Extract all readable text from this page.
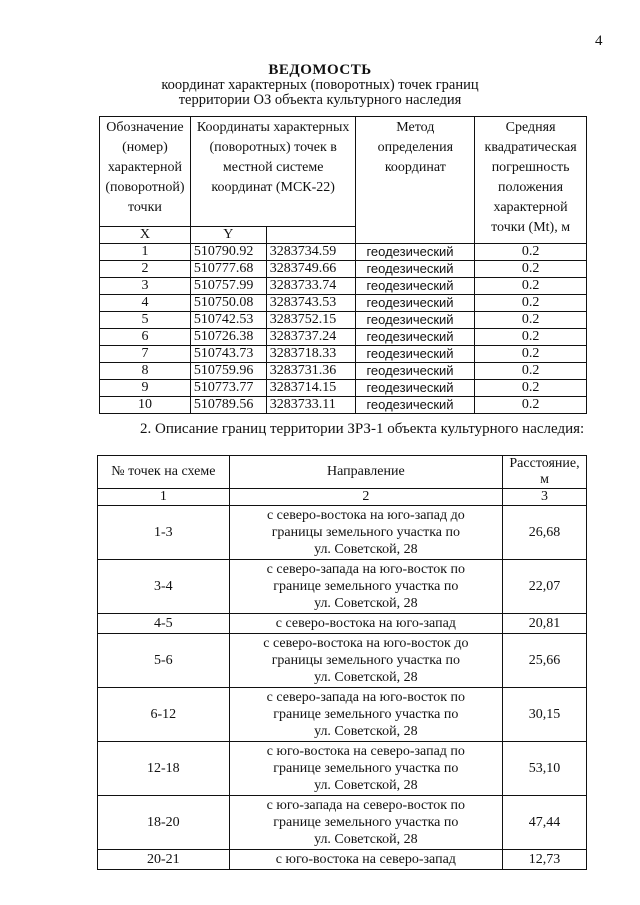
4
ВЕДОМОСТЬ
координат характерных (поворотных) точек границ
территории ОЗ объекта культурного наследия
Обозначение (номер) характерной (поворотной) точки	Координаты характерных (поворотных) точек в местной системе координат (МСК-22)		Метод определения координат	Средняя квадратическая погрешность положения характерной точки (Mt), м
X	Y			
1	510790.92	3283734.59	геодезический	0.2
2	510777.68	3283749.66	геодезический	0.2
3	510757.99	3283733.74	геодезический	0.2
4	510750.08	3283743.53	геодезический	0.2
5	510742.53	3283752.15	геодезический	0.2
6	510726.38	3283737.24	геодезический	0.2
7	510743.73	3283718.33	геодезический	0.2
8	510759.96	3283731.36	геодезический	0.2
9	510773.77	3283714.15	геодезический	0.2
10	510789.56	3283733.11	геодезический	0.2
2. Описание границ территории ЗРЗ-1 объекта культурного наследия:
№ точек на схеме	Направление	Расстояние, м
1	2	3
1-3	с северо-востока на юго-запад до
границы земельного участка по
ул. Советской, 28	26,68
3-4	с северо-запада на юго-восток по
границе земельного участка по
ул. Советской, 28	22,07
4-5	с северо-востока на юго-запад	20,81
5-6	с северо-востока на юго-восток до
границы земельного участка по
ул. Советской, 28	25,66
6-12	с северо-запада на юго-восток по
границе земельного участка по
ул. Советской, 28	30,15
12-18	с юго-востока на северо-запад по
границе земельного участка по
ул. Советской, 28	53,10
18-20	с юго-запада на северо-восток по
границе земельного участка по
ул. Советской, 28	47,44
20-21	с юго-востока на северо-запад	12,73
